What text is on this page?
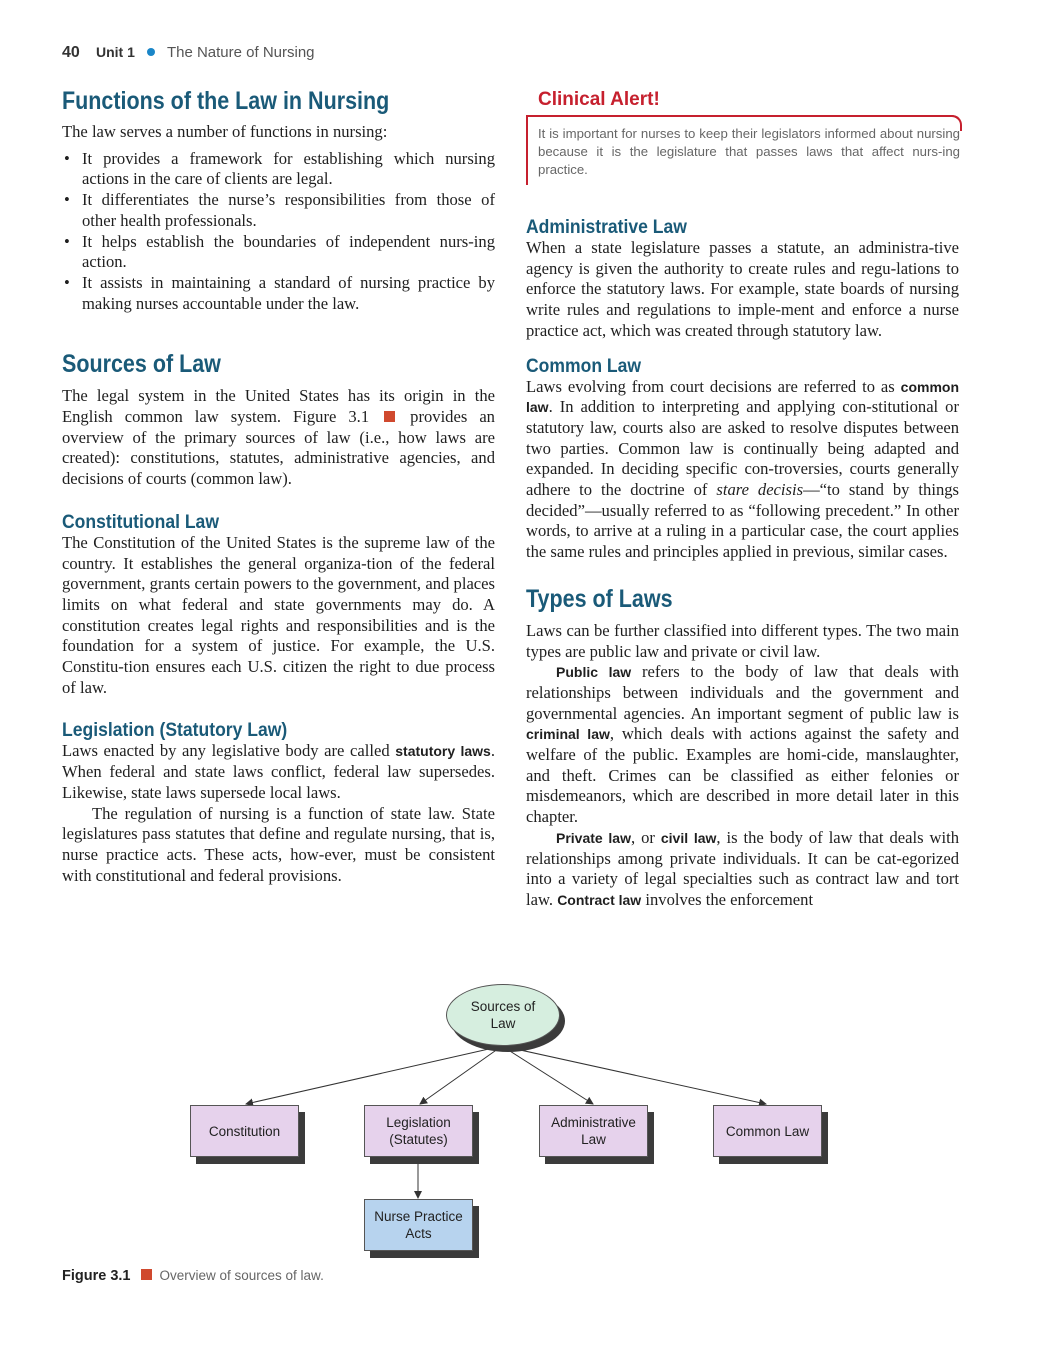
40 Unit 1 The Nature of Nursing
Functions of the Law in Nursing

The law serves a number of functions in nursing:

• It provides a framework for establishing which nursing actions in the care of clients are legal.
• It differentiates the nurse’s responsibilities from those of other health professionals.
• It helps establish the boundaries of independent nurs-ing action.
• It assists in maintaining a standard of nursing practice by making nurses accountable under the law.
Sources of Law

The legal system in the United States has its origin in the English common law system. Figure 3.1 provides an overview of the primary sources of law (i.e., how laws are created): constitutions, statutes, administrative agencies, and decisions of courts (common law).

Constitutional Law

The Constitution of the United States is the supreme law of the country. It establishes the general organiza-tion of the federal government, grants certain powers to the government, and places limits on what federal and state governments may do. A constitution creates legal rights and responsibilities and is the foundation for a system of justice. For example, the U.S. Constitu-tion ensures each U.S. citizen the right to due process of law.

Legislation (Statutory Law)

Laws enacted by any legislative body are called statutory laws. When federal and state laws conflict, federal law supersedes. Likewise, state laws supersede local laws.

The regulation of nursing is a function of state law. State legislatures pass statutes that define and regulate nursing, that is, nurse practice acts. These acts, how-ever, must be consistent with constitutional and federal provisions.

Clinical Alert!
It is important for nurses to keep their legislators informed about nursing because it is the legislature that passes laws that affect nurs-ing practice.
Administrative Law

When a state legislature passes a statute, an administra-tive agency is given the authority to create rules and regu-lations to enforce the statutory laws. For example, state boards of nursing write rules and regulations to imple-ment and enforce a nurse practice act, which was created through statutory law.

Common Law

Laws evolving from court decisions are referred to as common law. In addition to interpreting and applying con-stitutional or statutory law, courts also are asked to resolve disputes between two parties. Common law is continually being adapted and expanded. In deciding specific con-troversies, courts generally adhere to the doctrine of stare decisis—“to stand by things decided”—usually referred to as “following precedent.” In other words, to arrive at a ruling in a particular case, the court applies the same rules and principles applied in previous, similar cases.

Types of Laws

Laws can be further classified into different types. The two main types are public law and private or civil law.

Public law refers to the body of law that deals with relationships between individuals and the government and governmental agencies. An important segment of public law is criminal law, which deals with actions against the safety and welfare of the public. Examples are homi-cide, manslaughter, and theft. Crimes can be classified as either felonies or misdemeanors, which are described in more detail later in this chapter.

Private law, or civil law, is the body of law that deals with relationships among private individuals. It can be cat-egorized into a variety of legal specialties such as contract law and tort law. Contract law involves the enforcement

Sources of Law
Constitution
Legislation (Statutes)
Administrative Law
Common Law
Nurse Practice Acts
Figure 3.1 Overview of sources of law.
